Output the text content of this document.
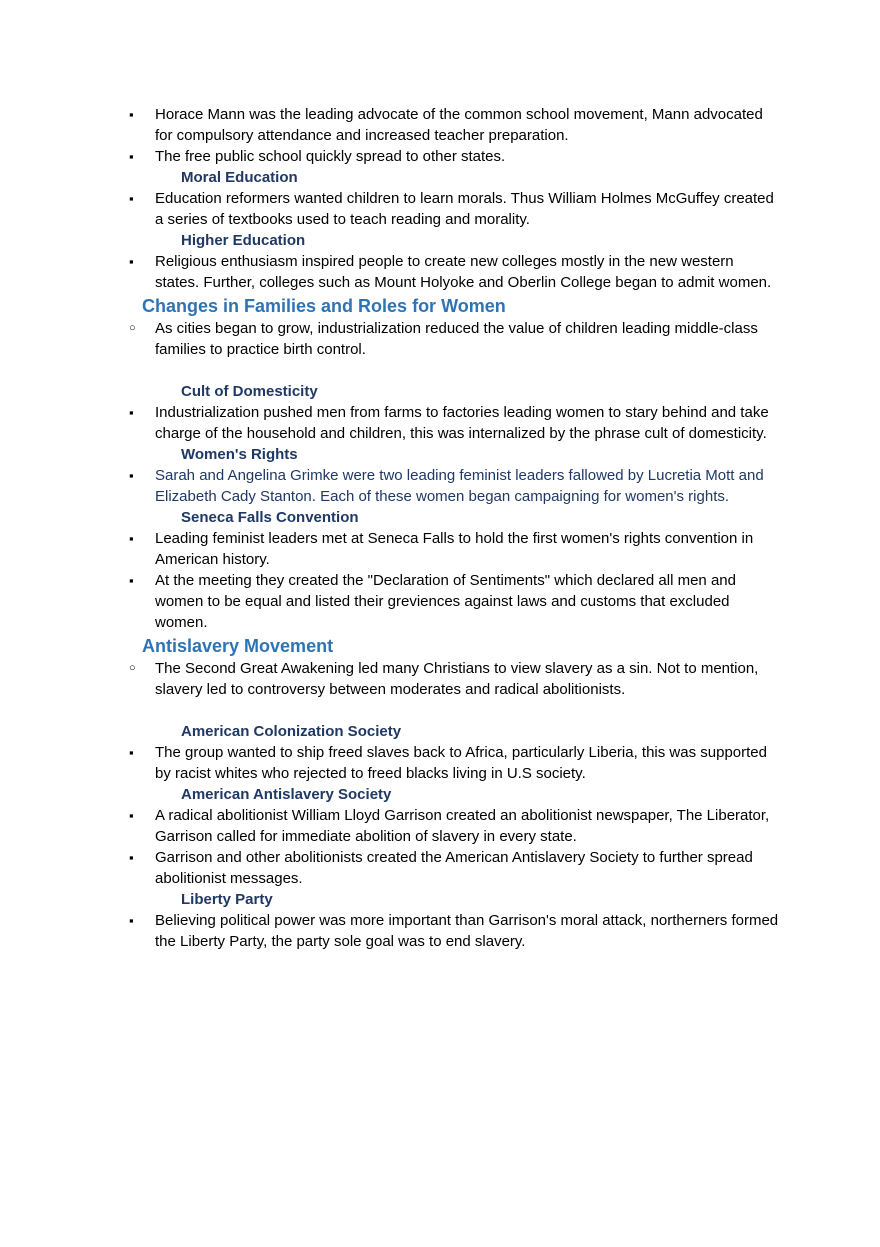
▪
Horace Mann was the leading advocate of the common school movement, Mann advocated for compulsory attendance and increased teacher preparation.
▪
The free public school quickly spread to other states.
Moral Education
▪
Education reformers wanted children to learn morals. Thus William Holmes McGuffey created a series of textbooks used to teach reading and morality.
Higher Education
▪
Religious enthusiasm inspired people to create new colleges mostly in the new western states. Further, colleges such as Mount Holyoke and Oberlin College began to admit women.
Changes in Families and Roles for Women
○
As cities began to grow, industrialization reduced the value of children leading middle-class families to practice birth control.
Cult of Domesticity
▪
Industrialization pushed men from farms to factories leading women to stary behind and take charge of the household and children, this was internalized by the phrase cult of domesticity.
Women's Rights
▪
Sarah and Angelina Grimke were two leading feminist leaders fallowed by Lucretia Mott and Elizabeth Cady Stanton. Each of these women began campaigning for women's rights.
Seneca Falls Convention
▪
Leading feminist leaders met at Seneca Falls to hold the first women's rights convention in American history.
▪
At the meeting they created the "Declaration of Sentiments" which declared all men and women to be equal and listed their greviences against laws and customs that excluded women.
Antislavery Movement
○
The Second Great Awakening led many Christians to view slavery as a sin. Not to mention, slavery led to controversy between moderates and radical abolitionists.
American Colonization Society
▪
The group wanted to ship freed slaves back to Africa, particularly Liberia, this was supported by racist whites who rejected to freed blacks living in U.S society.
American Antislavery Society
▪
A radical abolitionist William Lloyd Garrison created an abolitionist newspaper, The Liberator, Garrison called for immediate abolition of slavery in every state.
▪
Garrison and other abolitionists created the American Antislavery Society to further spread abolitionist messages.
Liberty Party
▪
Believing political power was more important than Garrison's moral attack, northerners formed the Liberty Party, the party sole goal was to end slavery.
